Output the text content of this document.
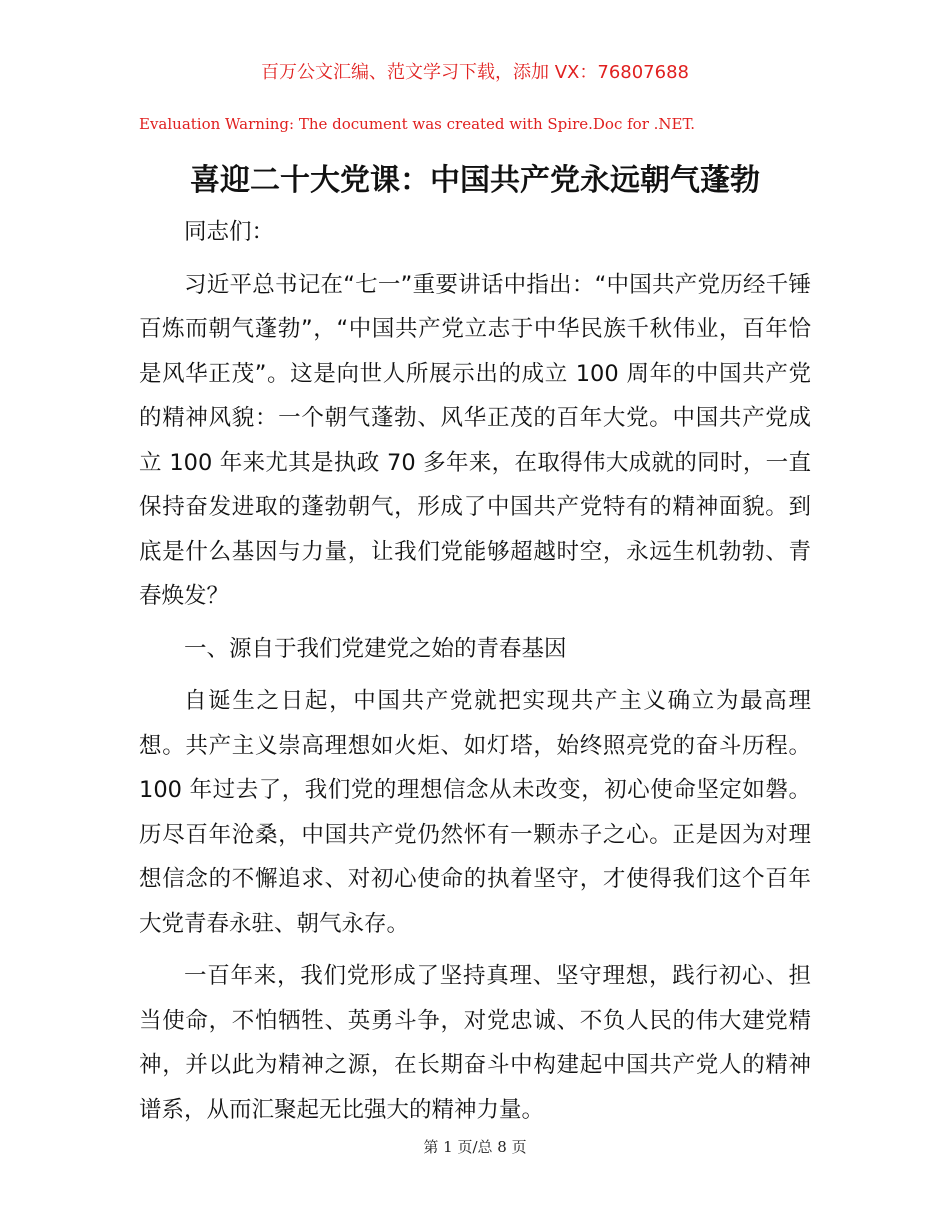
百万公文汇编、范文学习下载，添加 VX：76807688
Evaluation Warning: The document was created with Spire.Doc for .NET.
喜迎二十大党课：中国共产党永远朝气蓬勃

同志们：

习近平总书记在“七一”重要讲话中指出：“中国共产党历经千锤百炼而朝气蓬勃”，“中国共产党立志于中华民族千秋伟业，百年恰是风华正茂”。这是向世人所展示出的成立 100 周年的中国共产党的精神风貌：一个朝气蓬勃、风华正茂的百年大党。中国共产党成立 100 年来尤其是执政 70 多年来，在取得伟大成就的同时，一直保持奋发进取的蓬勃朝气，形成了中国共产党特有的精神面貌。到底是什么基因与力量，让我们党能够超越时空，永远生机勃勃、青春焕发？

一、源自于我们党建党之始的青春基因

自诞生之日起，中国共产党就把实现共产主义确立为最高理想。共产主义崇高理想如火炬、如灯塔，始终照亮党的奋斗历程。100 年过去了，我们党的理想信念从未改变，初心使命坚定如磐。历尽百年沧桑，中国共产党仍然怀有一颗赤子之心。正是因为对理想信念的不懈追求、对初心使命的执着坚守，才使得我们这个百年大党青春永驻、朝气永存。

一百年来，我们党形成了坚持真理、坚守理想，践行初心、担当使命，不怕牺牲、英勇斗争，对党忠诚、不负人民的伟大建党精神，并以此为精神之源，在长期奋斗中构建起中国共产党人的精神谱系，从而汇聚起无比强大的精神力量。

第 1 页/总 8 页
